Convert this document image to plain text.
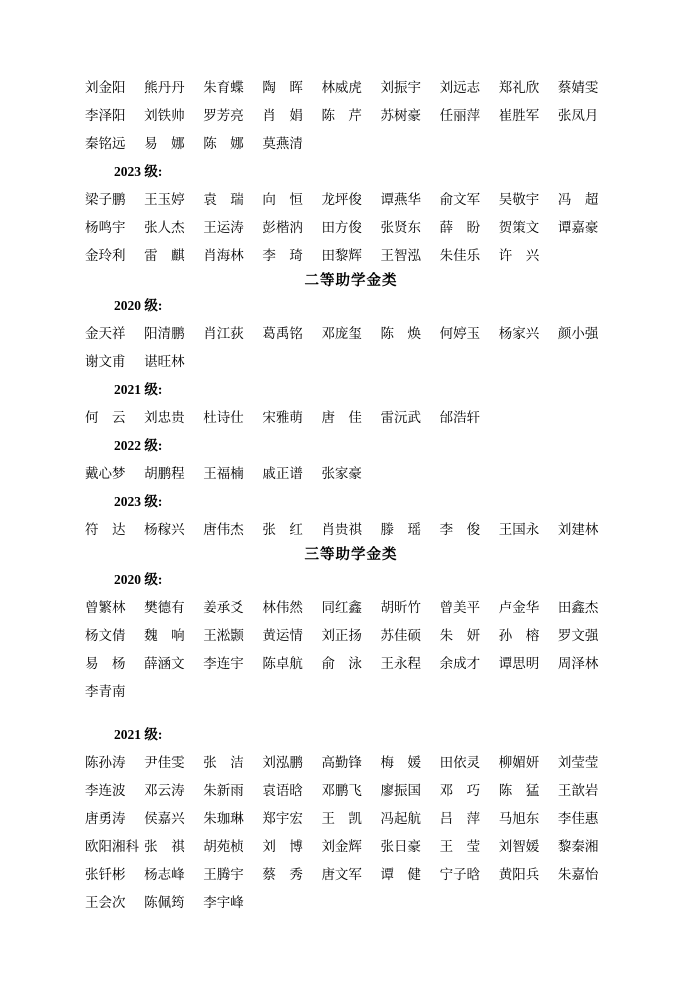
刘金阳	熊丹丹	朱育蝶	陶　晖	林威虎	刘振宇	刘远志	郑礼欣	蔡婧雯
李泽阳	刘铁帅	罗芳亮	肖　娟	陈　芹	苏树豪	任丽萍	崔胜军	张凤月
秦铭远	易　娜	陈　娜	莫燕清
2023 级:
梁子鹏	王玉婷	袁　瑞	向　恒	龙坪俊	谭燕华	俞文军	吴敬宇	冯　超
杨鸣宇	张人杰	王运涛	彭楷汭	田方俊	张贤东	薛　盼	贺策文	谭嘉豪
金玲利	雷　麒	肖海林	李　琦	田黎辉	王智泓	朱佳乐	许　兴
二等助学金类
2020 级:
金天祥	阳清鹏	肖江荻	葛禹铭	邓庞玺	陈　焕	何婷玉	杨家兴	颜小强
谢文甫	谌旺林
2021 级:
何　云	刘忠贵	杜诗仕	宋雅萌	唐　佳	雷沅武	邰浩轩
2022 级:
戴心梦	胡鹏程	王福楠	戚正谱	张家豪
2023 级:
符　达	杨稼兴	唐伟杰	张　红	肖贵祺	滕　瑶	李　俊	王国永	刘建林
三等助学金类
2020 级:
曾繁林	樊德有	姜承爻	林伟然	同红鑫	胡昕竹	曾美平	卢金华	田鑫杰
杨文倩	魏　响	王淞颢	黄运情	刘正扬	苏佳硕	朱　妍	孙　榕	罗文强
易　杨	薛涵文	李连宇	陈卓航	俞　泳	王永程	余成才	谭思明	周泽林
李青南
2021 级:
陈孙涛	尹佳雯	张　洁	刘泓鹏	高勤锋	梅　媛	田依灵	柳媚妍	刘莹莹
李连波	邓云涛	朱新雨	袁语晗	邓鹏飞	廖振国	邓　巧	陈　猛	王歆岩
唐勇涛	侯嘉兴	朱珈琳	郑宇宏	王　凯	冯起航	吕　萍	马旭东	李佳惠
欧阳湘科 张　祺	胡苑桢	刘　博	刘金辉	张日豪	王　莹	刘智媛	黎秦湘
张钎彬	杨志峰	王腾宇	蔡　秀	唐文军	谭　健	宁子晗	黄阳兵	朱嘉怡
王会次	陈佩筠	李宇峰
